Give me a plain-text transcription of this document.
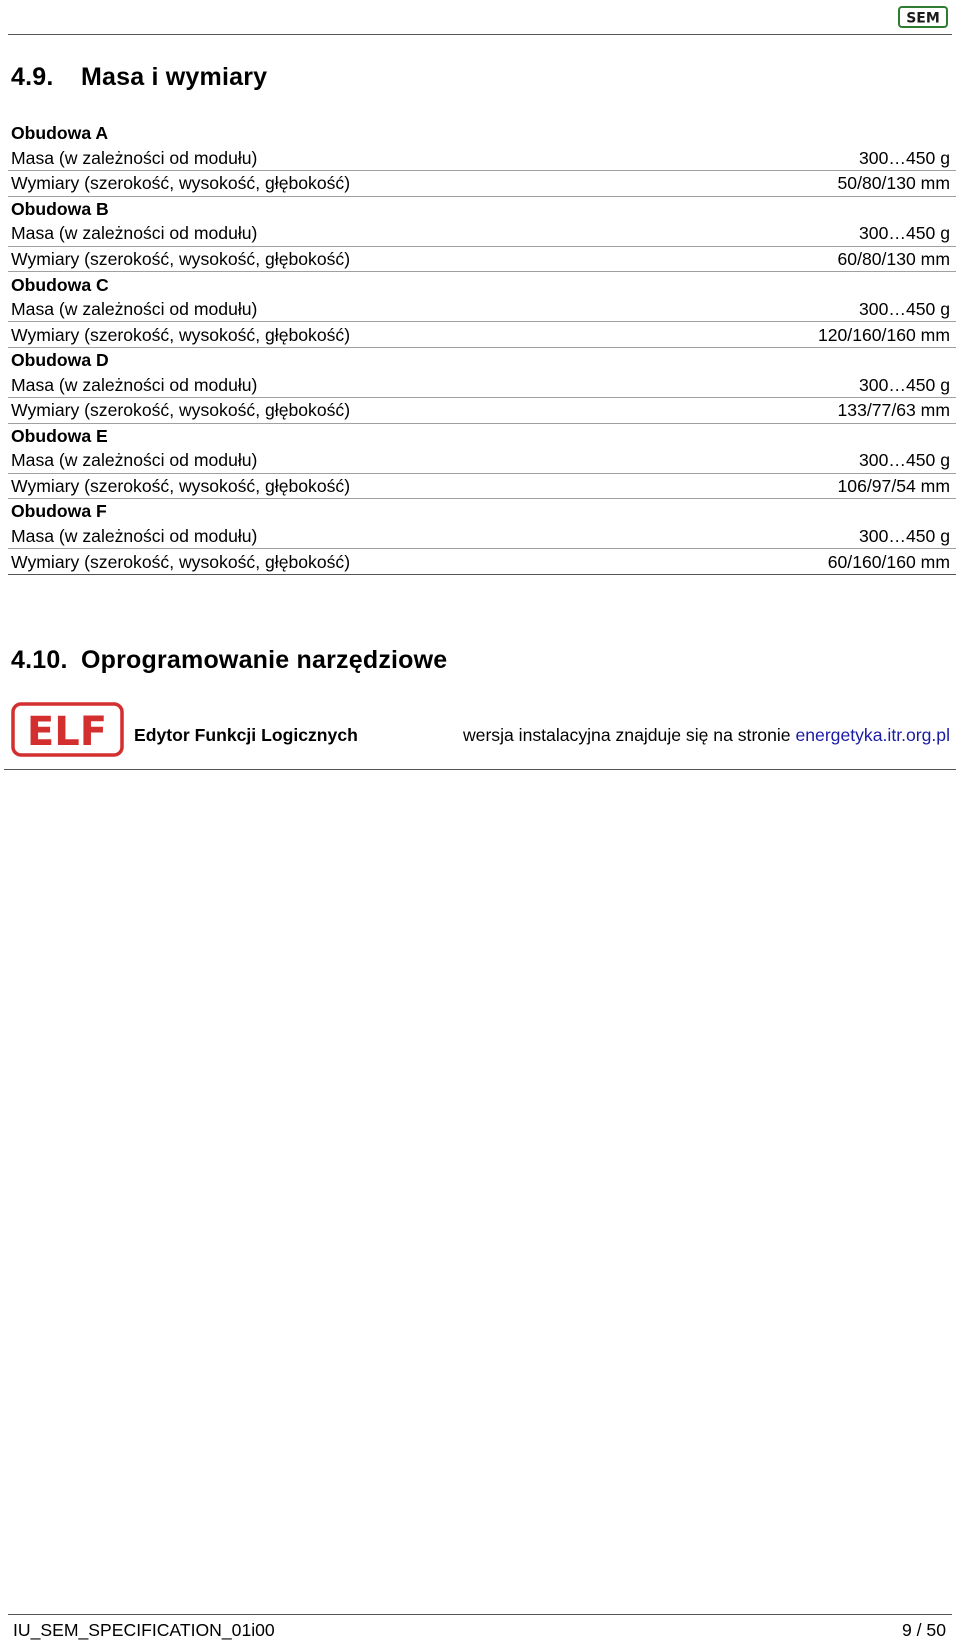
SEM
4.9. Masa i wymiary
Obudowa A	
Masa (w zależności od modułu)	300…450 g
Wymiary (szerokość, wysokość, głębokość)	50/80/130 mm
Obudowa B	
Masa (w zależności od modułu)	300…450 g
Wymiary (szerokość, wysokość, głębokość)	60/80/130 mm
Obudowa C	
Masa (w zależności od modułu)	300…450 g
Wymiary (szerokość, wysokość, głębokość)	120/160/160 mm
Obudowa D	
Masa (w zależności od modułu)	300…450 g
Wymiary (szerokość, wysokość, głębokość)	133/77/63 mm
Obudowa E	
Masa (w zależności od modułu)	300…450 g
Wymiary (szerokość, wysokość, głębokość)	106/97/54 mm
Obudowa F	
Masa (w zależności od modułu)	300…450 g
Wymiary (szerokość, wysokość, głębokość)	60/160/160 mm
4.10. Oprogramowanie narzędziowe
ELF Edytor Funkcji Logicznych	wersja instalacyjna znajduje się na stronie energetyka.itr.org.pl
IU_SEM_SPECIFICATION_01i00	9 / 50
